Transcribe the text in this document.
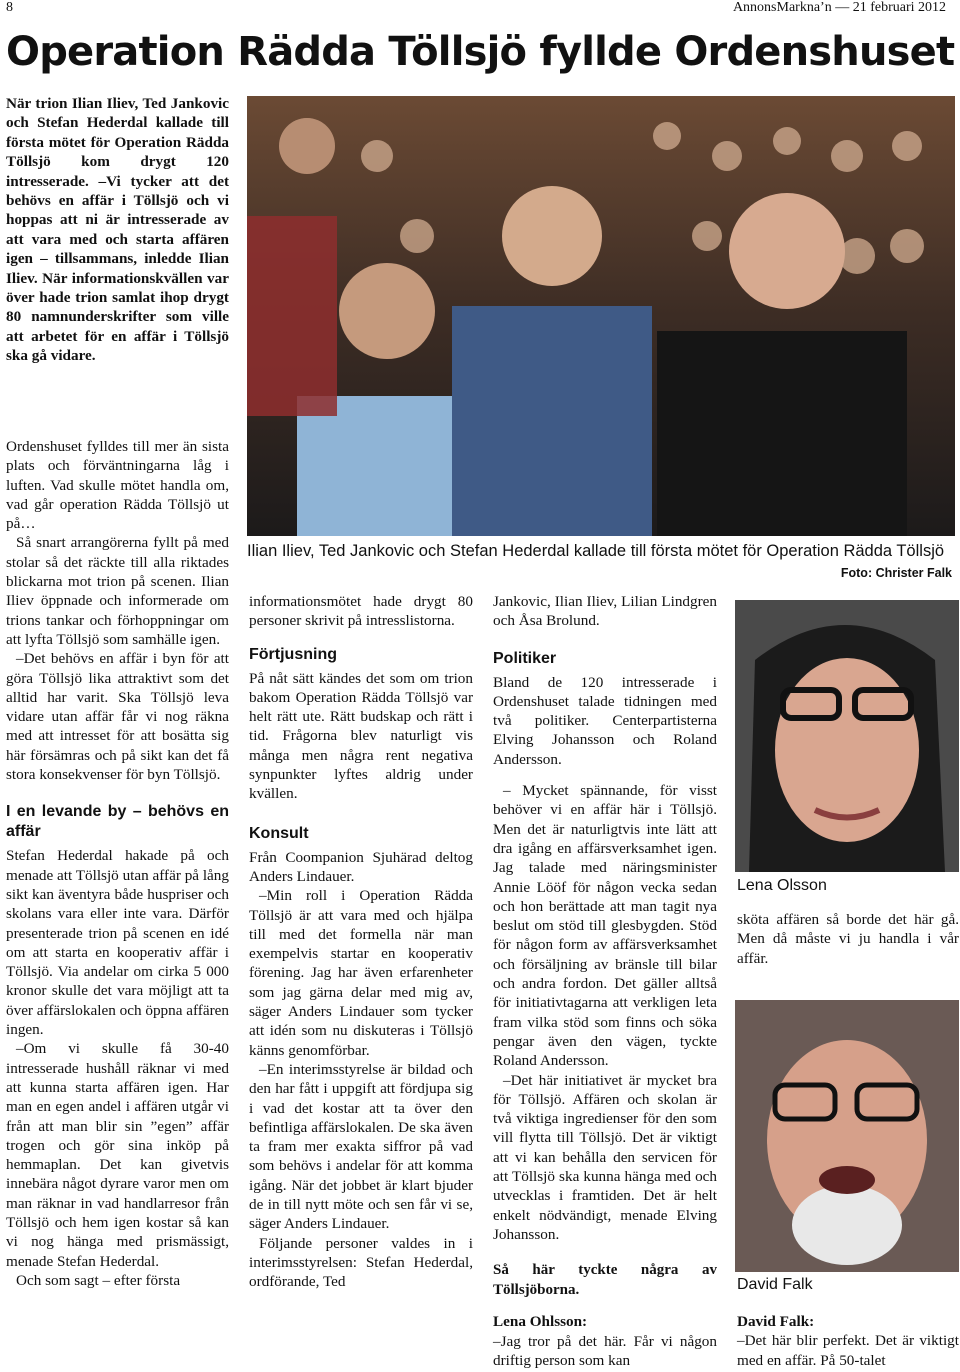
8	AnnonsMarkna’n — 21 februari 2012
Operation Rädda Töllsjö fyllde Ordenshuset
När trion Ilian Iliev, Ted Jankovic och Stefan Hederdal kallade till första mötet för Operation Rädda Töllsjö kom drygt 120 intresserade. –Vi tycker att det behövs en affär i Töllsjö och vi hoppas att ni är intresserade av att vara med och starta affären igen – tillsammans, inledde Ilian Iliev. När informationskvällen var över hade trion samlat ihop drygt 80 namnunderskrifter som ville att arbetet för en affär i Töllsjö ska gå vidare.

Ordenshuset fylldes till mer än sista plats och förväntningarna låg i luften. Vad skulle mötet handla om, vad går operation Rädda Töllsjö ut på…

Så snart arrangörerna fyllt på med stolar så det räckte till alla riktades blickarna mot trion på scenen. Ilian Iliev öppnade och informerade om trions tankar och förhoppningar om att lyfta Töllsjö som samhälle igen.

–Det behövs en affär i byn för att göra Töllsjö lika attraktivt som det alltid har varit. Ska Töllsjö leva vidare utan affär får vi nog räkna med att intresset för att bosätta sig här försämras och på sikt kan det få stora konsekvenser för byn Töllsjö.

I en levande by – behövs en affär

Stefan Hederdal hakade på och menade att Töllsjö utan affär på lång sikt kan äventyra både huspriser och skolans vara eller inte vara. Därför presenterade trion på scenen en idé om att starta en kooperativ affär i Töllsjö. Via andelar om cirka 5 000 kronor skulle det vara möjligt att ta över affärslokalen och öppna affären ingen.

–Om vi skulle få 30-40 intresserade hushåll räknar vi med att kunna starta affären igen. Har man en egen andel i affären utgår vi från att man blir sin ”egen” affär trogen och gör sina inköp på hemmaplan. Det kan givetvis innebära något dyrare varor men om man räknar in vad handlarresor från Töllsjö och hem igen kostar så kan vi nog hänga med prismässigt, menade Stefan Hederdal.

Och som sagt – efter första

Ilian Iliev, Ted Jankovic och Stefan Hederdal kallade till första mötet för Operation Rädda Töllsjö
Foto: Christer Falk

informationsmötet hade drygt 80 personer skrivit på intresslistorna.

Förtjusning

På nåt sätt kändes det som om trion bakom Operation Rädda Töllsjö var helt rätt ute. Rätt budskap och rätt i tid. Frågorna blev naturligt vis många men några rent negativa synpunkter lyftes aldrig under kvällen.

Konsult

Från Coompanion Sjuhärad deltog Anders Lindauer.

–Min roll i Operation Rädda Töllsjö är att vara med och hjälpa till med det formella när man exempelvis startar en kooperativ förening. Jag har även erfarenheter som jag gärna delar med mig av, säger Anders Lindauer som tycker att idén som nu diskuteras i Töllsjö känns genomförbar.

–En interimsstyrelse är bildad och den har fått i uppgift att fördjupa sig i vad det kostar att ta över den befintliga affärslokalen. De ska även ta fram mer exakta siffror på vad som behövs i andelar för att komma igång. När det jobbet är klart bjuder de in till nytt möte och sen får vi se, säger Anders Lindauer.

Följande personer valdes in i interimsstyrelsen: Stefan Hederdal, ordförande, Ted

Jankovic, Ilian Iliev, Lilian Lindgren och Åsa Brolund.

Politiker

Bland de 120 intresserade i Ordenshuset talade tidningen med två politiker. Centerpartisterna Elving Johansson och Roland Andersson.

– Mycket spännande, för visst behöver vi en affär här i Töllsjö. Men det är naturligtvis inte lätt att dra igång en affärsverksamhet igen. Jag talade med näringsminister Annie Lööf för någon vecka sedan och hon berättade att man tagit nya beslut om stöd till glesbygden. Stöd för någon form av affärsverksamhet och försäljning av bränsle till bilar och andra fordon. Det gäller alltså för initiativtagarna att verkligen leta fram vilka stöd som finns och söka pengar även den vägen, tyckte Roland Andersson.

–Det här initiativet är mycket bra för Töllsjö. Affären och skolan är två viktiga ingredienser för den som vill flytta till Töllsjö. Det är viktigt att vi kan behålla den servicen för att Töllsjö ska kunna hänga med och utvecklas i framtiden. Det är helt enkelt nödvändigt, menade Elving Johansson.

Så här tyckte några av Töllsjöborna.

Lena Ohlsson:

–Jag tror på det här. Får vi någon driftig person som kan

Lena Olsson

sköta affären så borde det här gå. Men då måste vi ju handla i vår affär.

David Falk

David Falk:

–Det här blir perfekt. Det är viktigt med en affär. På 50-talet
